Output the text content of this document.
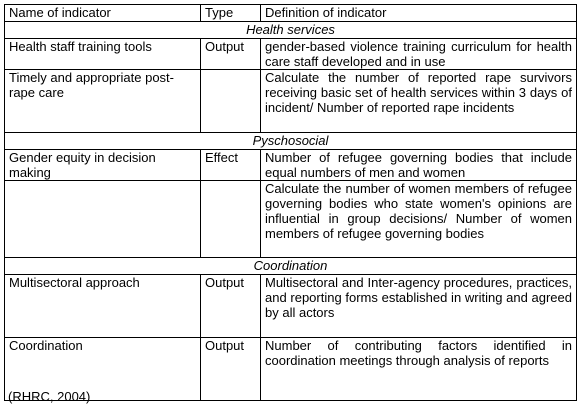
Name of indicator	Type	Definition of indicator
Health services		
Health staff training tools	Output	gender-based violence training curriculum for health care staff developed and in use
Timely and appropriate post-rape care		Calculate the number of reported rape survivors receiving basic set of health services within 3 days of incident/ Number of reported rape incidents
Pyschosocial		
Gender equity in decision making	Effect	Number of refugee governing bodies that include equal numbers of men and women
		Calculate the number of women members of refugee governing bodies who state women's opinions are influential in group decisions/ Number of women members of refugee governing bodies
Coordination		
Multisectoral approach	Output	Multisectoral and Inter-agency procedures, practices, and reporting forms established in writing and agreed by all actors
Coordination	Output	Number of contributing factors identified in coordination meetings through analysis of reports
(RHRC, 2004)
